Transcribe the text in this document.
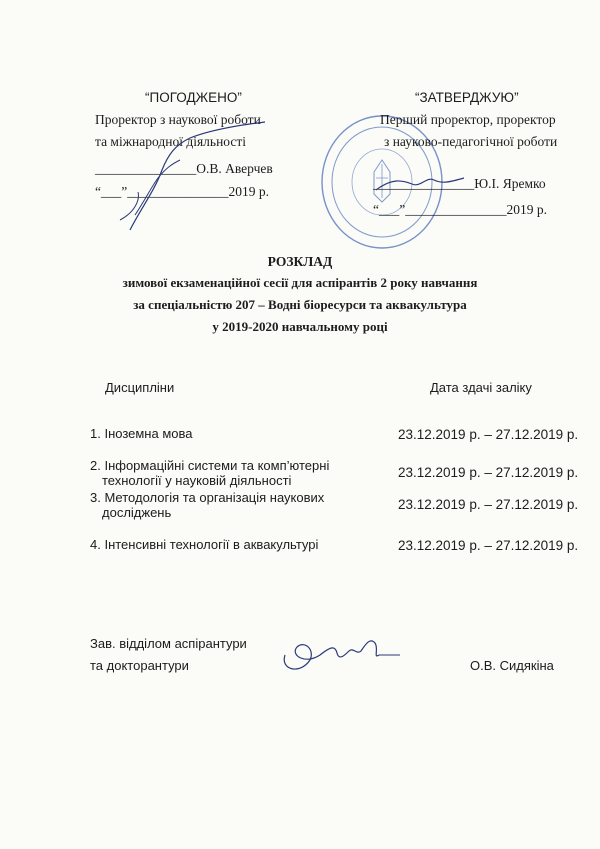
“ПОГОДЖЕНО”
Проректор з наукової роботи
та міжнародної діяльності
_______________О.В. Аверчев
“___”_______________2019 р.
“ЗАТВЕРДЖУЮ”
Перший проректор, проректор
з науково-педагогічної роботи
_______________Ю.І. Яремко
“___”_______________2019 р.
РОЗКЛАД
зимової екзаменаційної сесії для аспірантів 2 року навчання
за спеціальністю 207 – Водні біоресурси та аквакультура
у 2019-2020 навчальному році
Дисципліни	Дата здачі заліку
1. Іноземна мова	23.12.2019 р. – 27.12.2019 р.
2. Інформаційні системи та комп’ютерні
технології у науковій діяльності
23.12.2019 р. – 27.12.2019 р.
3. Методологія та організація наукових
досліджень
23.12.2019 р. – 27.12.2019 р.
4. Інтенсивні технології в аквакультурі	23.12.2019 р. – 27.12.2019 р.
Зав. відділом аспірантури
та докторантури	О.В. Сидякіна
